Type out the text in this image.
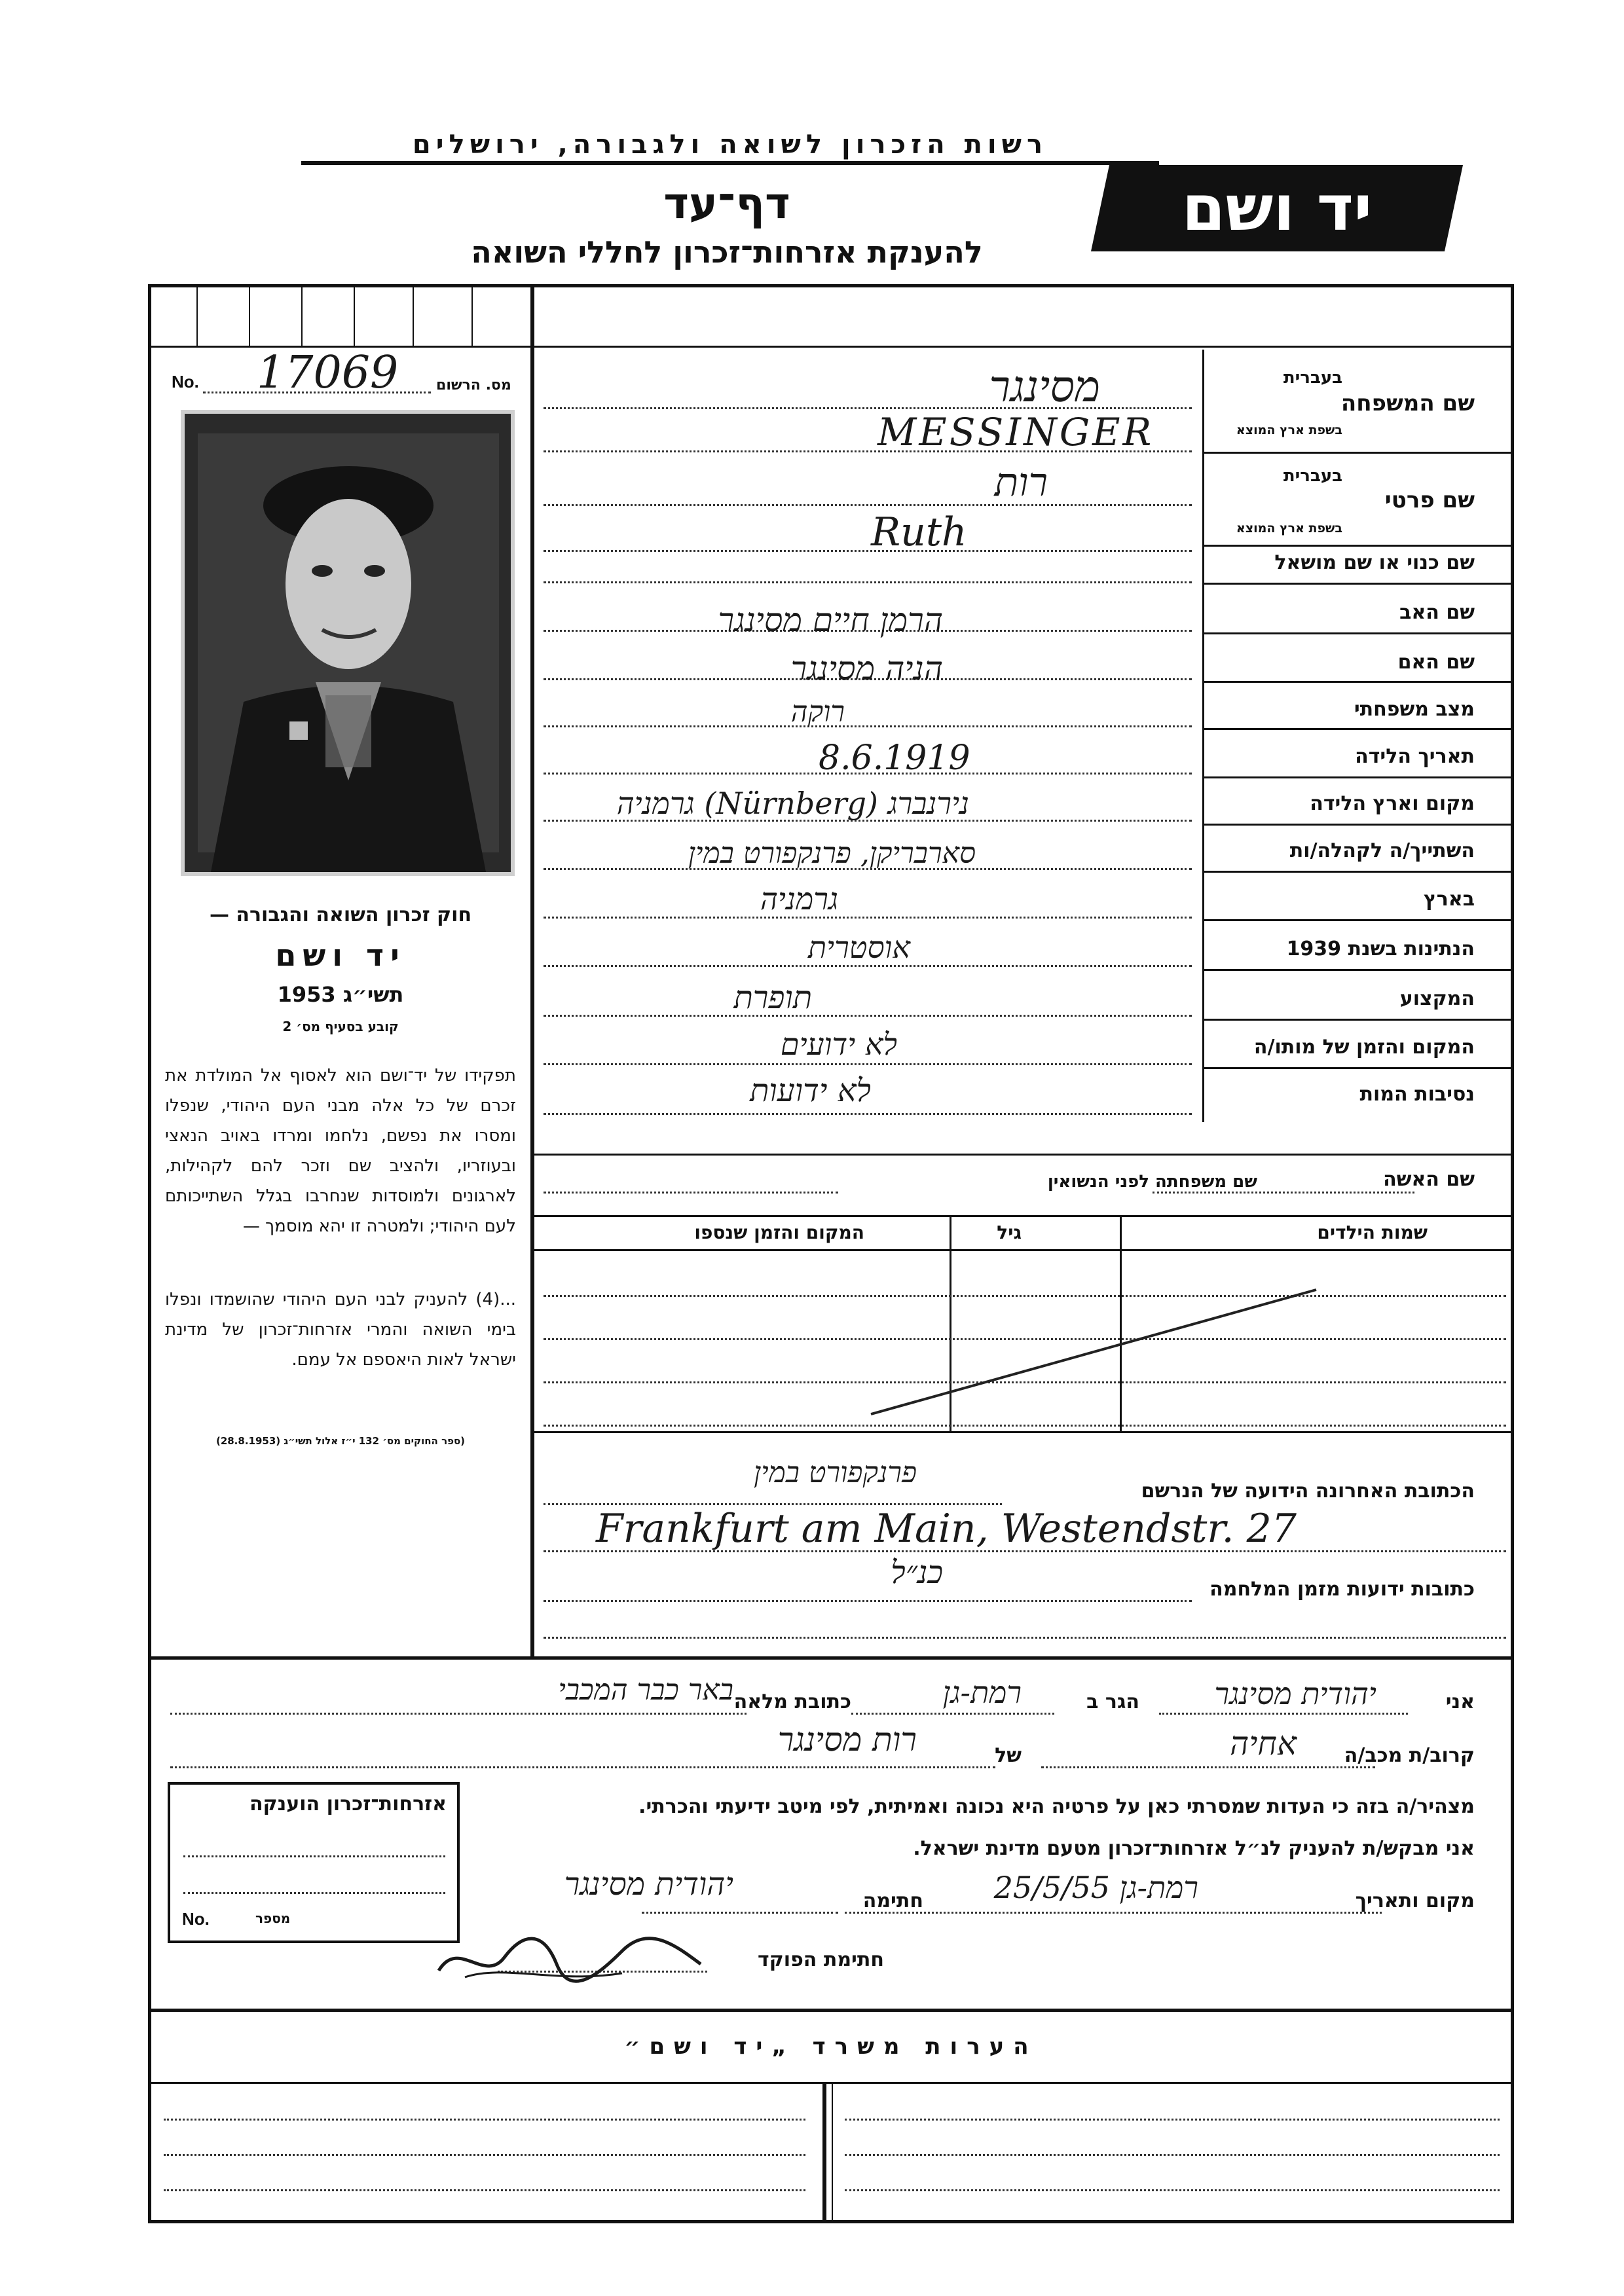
רשות הזכרון לשואה ולגבורה, ירושלים
דף־עד
להענקת אזרחות־זכרון לחללי השואה
יד ושם
No. 17069	מס. הרשום
חוק זכרון השואה והגבורה —
יד ושם
תשי״ג 1953
קובע בסעיף מס׳ 2
תפקידו של יד־ושם הוא לאסוף אל המולדת את זכרם של כל אלה מבני העם היהודי, שנפלו ומסרו את נפשם, נלחמו ומרדו באויב הנאצי ובעוזריו, ולהציב שם וזכר להם לקהילות, לארגונים ולמוסדות שנחרבו בגלל השתייכותם לעם היהודי; ולמטרה זו יהא מוסמך —
...(4) להעניק לבני העם היהודי שהושמדו ונפלו בימי השואה והמרי אזרחות־זכרון של מדינת ישראל לאות היאספם אל עמם.
(ספר החוקים מס׳ 132 י״ז אלול תשי״ג (28.8.1953)
שם המשפחה
בעברית
בשפת ארץ המוצא
מסינגר
MESSINGER
שם פרטי
בעברית
בשפת ארץ המוצא
רות
Ruth
שם כנוי או שם מושאל
שם האב
הרמן חיים מסינגר
שם האם
הניה מסינגר
מצב משפחתי
רוקה
תאריך הלידה
8.6.1919
מקום וארץ הלידה
נירנברג (Nürnberg) גרמניה
השתייך/ה לקהלה/ות
סארבריקן, פרנקפורט במין
בארץ
גרמניה
הנתינות בשנת 1939
אוסטרית
המקצוע
תופרת
המקום והזמן של מותו/ה
לא ידועים
נסיבות המות
לא ידועות
שם האשה
שם משפחתה לפני הנשואין
שמות הילדים
גיל
המקום והזמן שנספו
הכתובת האחרונה הידועה של הנרשם
פרנקפורט במין
Frankfurt am Main, Westendstr. 27
כתובות ידועות מזמן המלחמה
כנ״ל
אני
יהודית מסינגר
הגר ב
רמת-גן
כתובת מלאה
באר כבר המכבי
קרוב/ת מכב/ה
אחיה
של
רות מסינגר
מצהיר/ה בזה כי העדות שמסרתי כאן על פרטיה היא נכונה ואמיתית, לפי מיטב ידיעתי והכרתי.
אני מבקש/ת להעניק לנ״ל אזרחות־זכרון מטעם מדינת ישראל.
מקום ותאריך
רמת-גן 25/5/55
חתימה
יהודית מסינגר
חתימת הפוקד
אזרחות־זכרון הוענקה
No.	מספר
הערות משרד „יד ושם״
